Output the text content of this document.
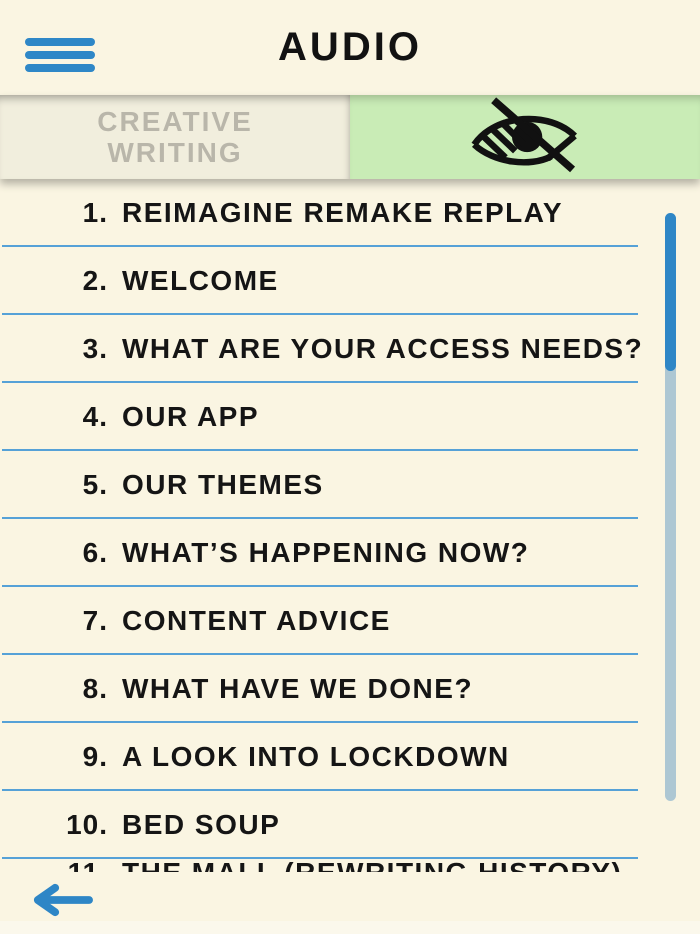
AUDIO
CREATIVE
WRITING
1. REIMAGINE REMAKE REPLAY
2. WELCOME
3. WHAT ARE YOUR ACCESS NEEDS?
4. OUR APP
5. OUR THEMES
6. WHAT’S HAPPENING NOW?
7. CONTENT ADVICE
8. WHAT HAVE WE DONE?
9. A LOOK INTO LOCKDOWN
10. BED SOUP
